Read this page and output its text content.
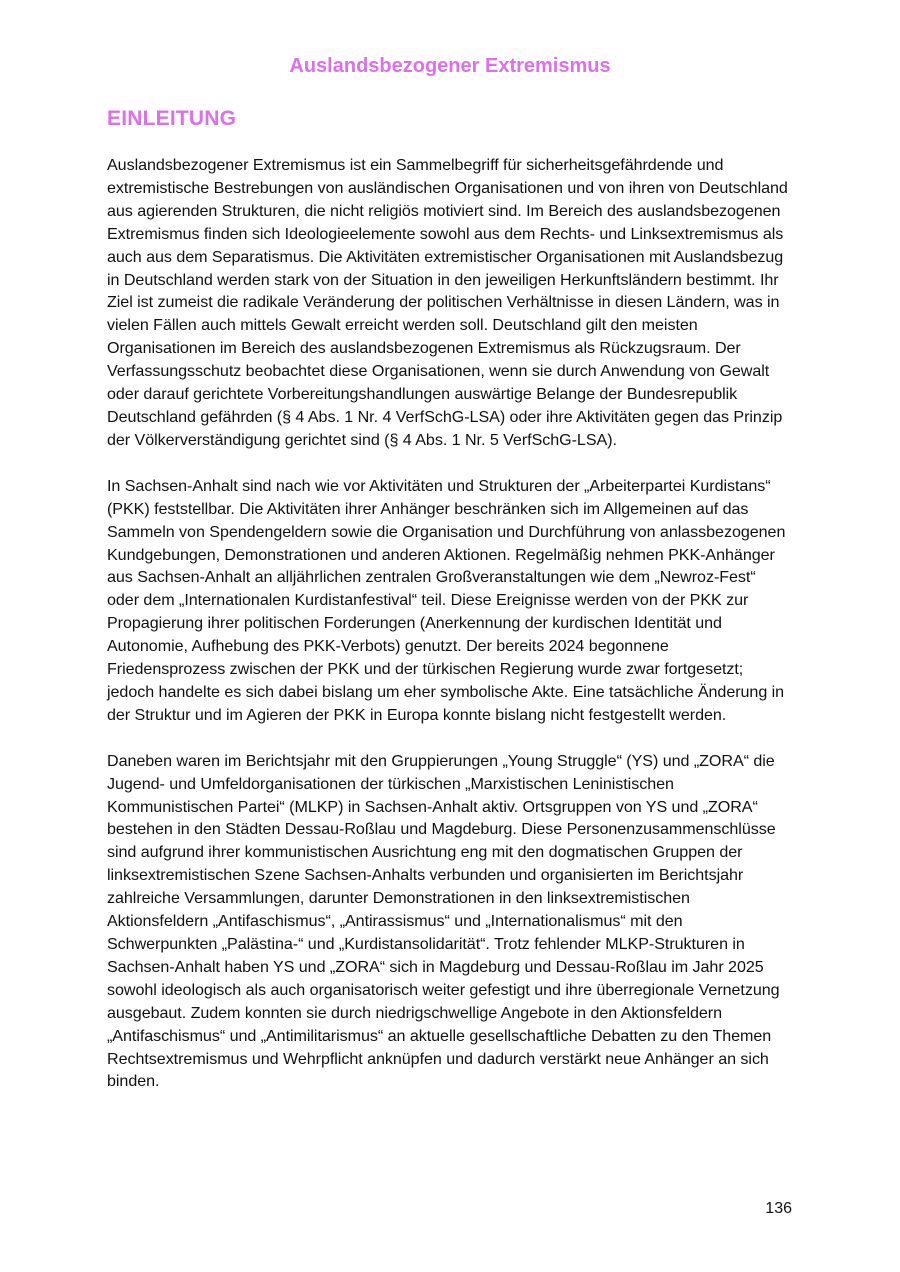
Auslandsbezogener Extremismus
EINLEITUNG

Auslandsbezogener Extremismus ist ein Sammelbegriff für sicherheitsgefährdende und extremistische Bestrebungen von ausländischen Organisationen und von ihren von Deutschland aus agierenden Strukturen, die nicht religiös motiviert sind. Im Bereich des auslandsbezogenen Extremismus finden sich Ideologieelemente sowohl aus dem Rechts- und Linksextremismus als auch aus dem Separatismus. Die Aktivitäten extremistischer Organisationen mit Auslandsbezug in Deutschland werden stark von der Situation in den jeweiligen Herkunftsländern bestimmt. Ihr Ziel ist zumeist die radikale Veränderung der politischen Verhältnisse in diesen Ländern, was in vielen Fällen auch mittels Gewalt erreicht werden soll. Deutschland gilt den meisten Organisationen im Bereich des auslandsbezogenen Extremismus als Rückzugsraum. Der Verfassungsschutz beobachtet diese Organisationen, wenn sie durch Anwendung von Gewalt oder darauf gerichtete Vorbereitungshandlungen auswärtige Belange der Bundesrepublik Deutschland gefährden (§ 4 Abs. 1 Nr. 4 VerfSchG-LSA) oder ihre Aktivitäten gegen das Prinzip der Völkerverständigung gerichtet sind (§ 4 Abs. 1 Nr. 5 VerfSchG-LSA).

In Sachsen-Anhalt sind nach wie vor Aktivitäten und Strukturen der „Arbeiterpartei Kurdistans“ (PKK) feststellbar. Die Aktivitäten ihrer Anhänger beschränken sich im Allgemeinen auf das Sammeln von Spendengeldern sowie die Organisation und Durchführung von anlassbezogenen Kundgebungen, Demonstrationen und anderen Aktionen. Regelmäßig nehmen PKK-Anhänger aus Sachsen-Anhalt an alljährlichen zentralen Großveranstaltungen wie dem „Newroz-Fest“ oder dem „Internationalen Kurdistanfestival“ teil. Diese Ereignisse werden von der PKK zur Propagierung ihrer politischen Forderungen (Anerkennung der kurdischen Identität und Autonomie, Aufhebung des PKK-Verbots) genutzt. Der bereits 2024 begonnene Friedensprozess zwischen der PKK und der türkischen Regierung wurde zwar fortgesetzt; jedoch handelte es sich dabei bislang um eher symbolische Akte. Eine tatsächliche Änderung in der Struktur und im Agieren der PKK in Europa konnte bislang nicht festgestellt werden.

Daneben waren im Berichtsjahr mit den Gruppierungen „Young Struggle“ (YS) und „ZORA“ die Jugend- und Umfeldorganisationen der türkischen „Marxistischen Leninistischen Kommunistischen Partei“ (MLKP) in Sachsen-Anhalt aktiv. Ortsgruppen von YS und „ZORA“ bestehen in den Städten Dessau-Roßlau und Magdeburg. Diese Personenzusammenschlüsse sind aufgrund ihrer kommunistischen Ausrichtung eng mit den dogmatischen Gruppen der linksextremistischen Szene Sachsen-Anhalts verbunden und organisierten im Berichtsjahr zahlreiche Versammlungen, darunter Demonstrationen in den linksextremistischen Aktionsfeldern „Antifaschismus“, „Antirassismus“ und „Internationalismus“ mit den Schwerpunkten „Palästina-“ und „Kurdistansolidarität“. Trotz fehlender MLKP-Strukturen in Sachsen-Anhalt haben YS und „ZORA“ sich in Magdeburg und Dessau-Roßlau im Jahr 2025 sowohl ideologisch als auch organisatorisch weiter gefestigt und ihre überregionale Vernetzung ausgebaut. Zudem konnten sie durch niedrigschwellige Angebote in den Aktionsfeldern „Antifaschismus“ und „Antimilitarismus“ an aktuelle gesellschaftliche Debatten zu den Themen Rechtsextremismus und Wehrpflicht anknüpfen und dadurch verstärkt neue Anhänger an sich binden.

136
